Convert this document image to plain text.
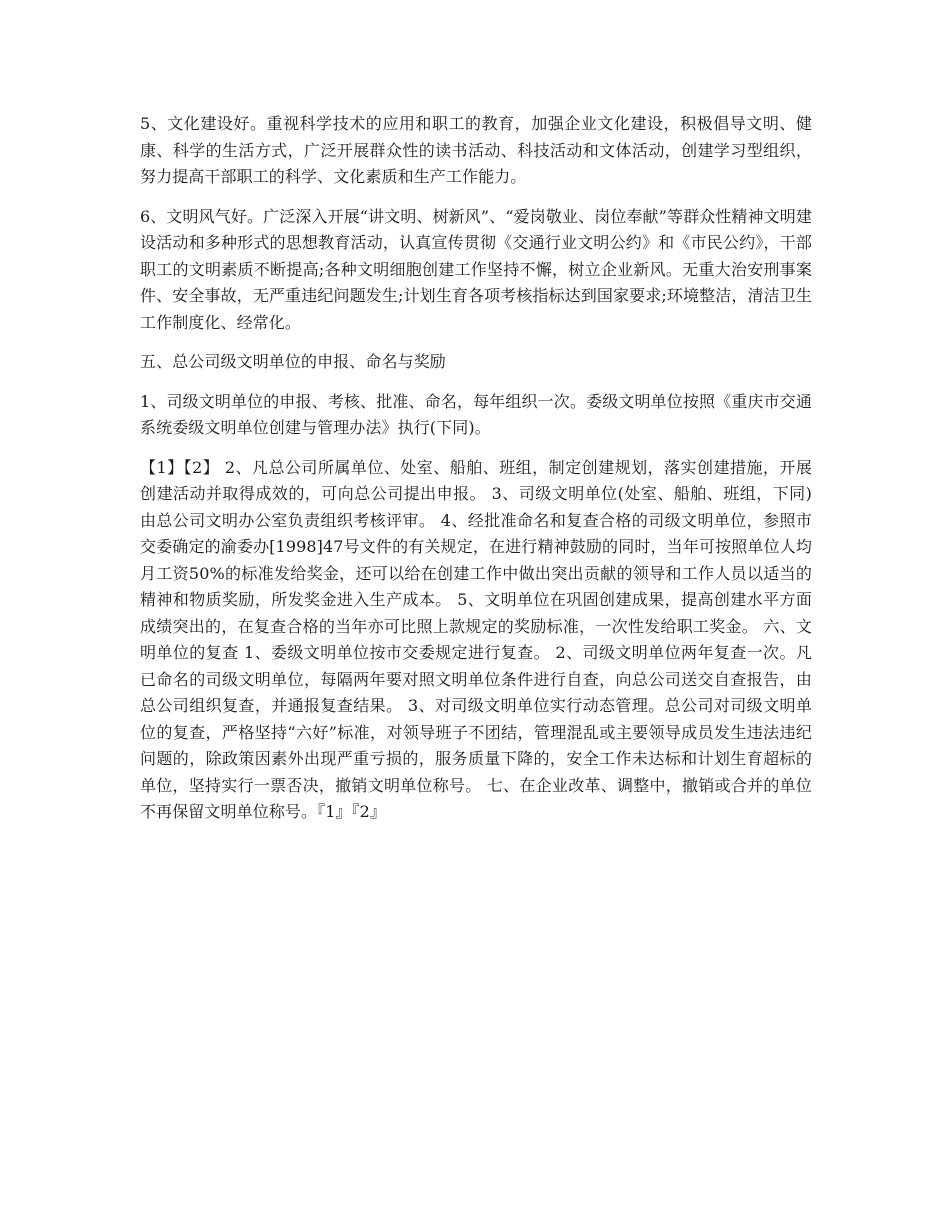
5、文化建设好。重视科学技术的应用和职工的教育，加强企业文化建设，积极倡导文明、健康、科学的生活方式，广泛开展群众性的读书活动、科技活动和文体活动，创建学习型组织，努力提高干部职工的科学、文化素质和生产工作能力。

6、文明风气好。广泛深入开展“讲文明、树新风”、“爱岗敬业、岗位奉献”等群众性精神文明建设活动和多种形式的思想教育活动，认真宣传贯彻《交通行业文明公约》和《市民公约》，干部职工的文明素质不断提高;各种文明细胞创建工作坚持不懈，树立企业新风。无重大治安刑事案件、安全事故，无严重违纪问题发生;计划生育各项考核指标达到国家要求;环境整洁，清洁卫生工作制度化、经常化。

五、总公司级文明单位的申报、命名与奖励

1、司级文明单位的申报、考核、批准、命名，每年组织一次。委级文明单位按照《重庆市交通系统委级文明单位创建与管理办法》执行(下同)。

【1】【2】 2、凡总公司所属单位、处室、船舶、班组，制定创建规划，落实创建措施，开展创建活动并取得成效的，可向总公司提出申报。 3、司级文明单位(处室、船舶、班组，下同)由总公司文明办公室负责组织考核评审。 4、经批准命名和复查合格的司级文明单位，参照市交委确定的渝委办[1998]47号文件的有关规定，在进行精神鼓励的同时，当年可按照单位人均月工资50%的标准发给奖金，还可以给在创建工作中做出突出贡献的领导和工作人员以适当的精神和物质奖励，所发奖金进入生产成本。 5、文明单位在巩固创建成果，提高创建水平方面成绩突出的，在复查合格的当年亦可比照上款规定的奖励标准，一次性发给职工奖金。 六、文明单位的复查 1、委级文明单位按市交委规定进行复查。 2、司级文明单位两年复查一次。凡已命名的司级文明单位，每隔两年要对照文明单位条件进行自查，向总公司送交自查报告，由总公司组织复查，并通报复查结果。 3、对司级文明单位实行动态管理。总公司对司级文明单位的复查，严格坚持“六好”标准，对领导班子不团结，管理混乱或主要领导成员发生违法违纪问题的，除政策因素外出现严重亏损的，服务质量下降的，安全工作未达标和计划生育超标的单位，坚持实行一票否决，撤销文明单位称号。 七、在企业改革、调整中，撤销或合并的单位不再保留文明单位称号。『1』『2』
